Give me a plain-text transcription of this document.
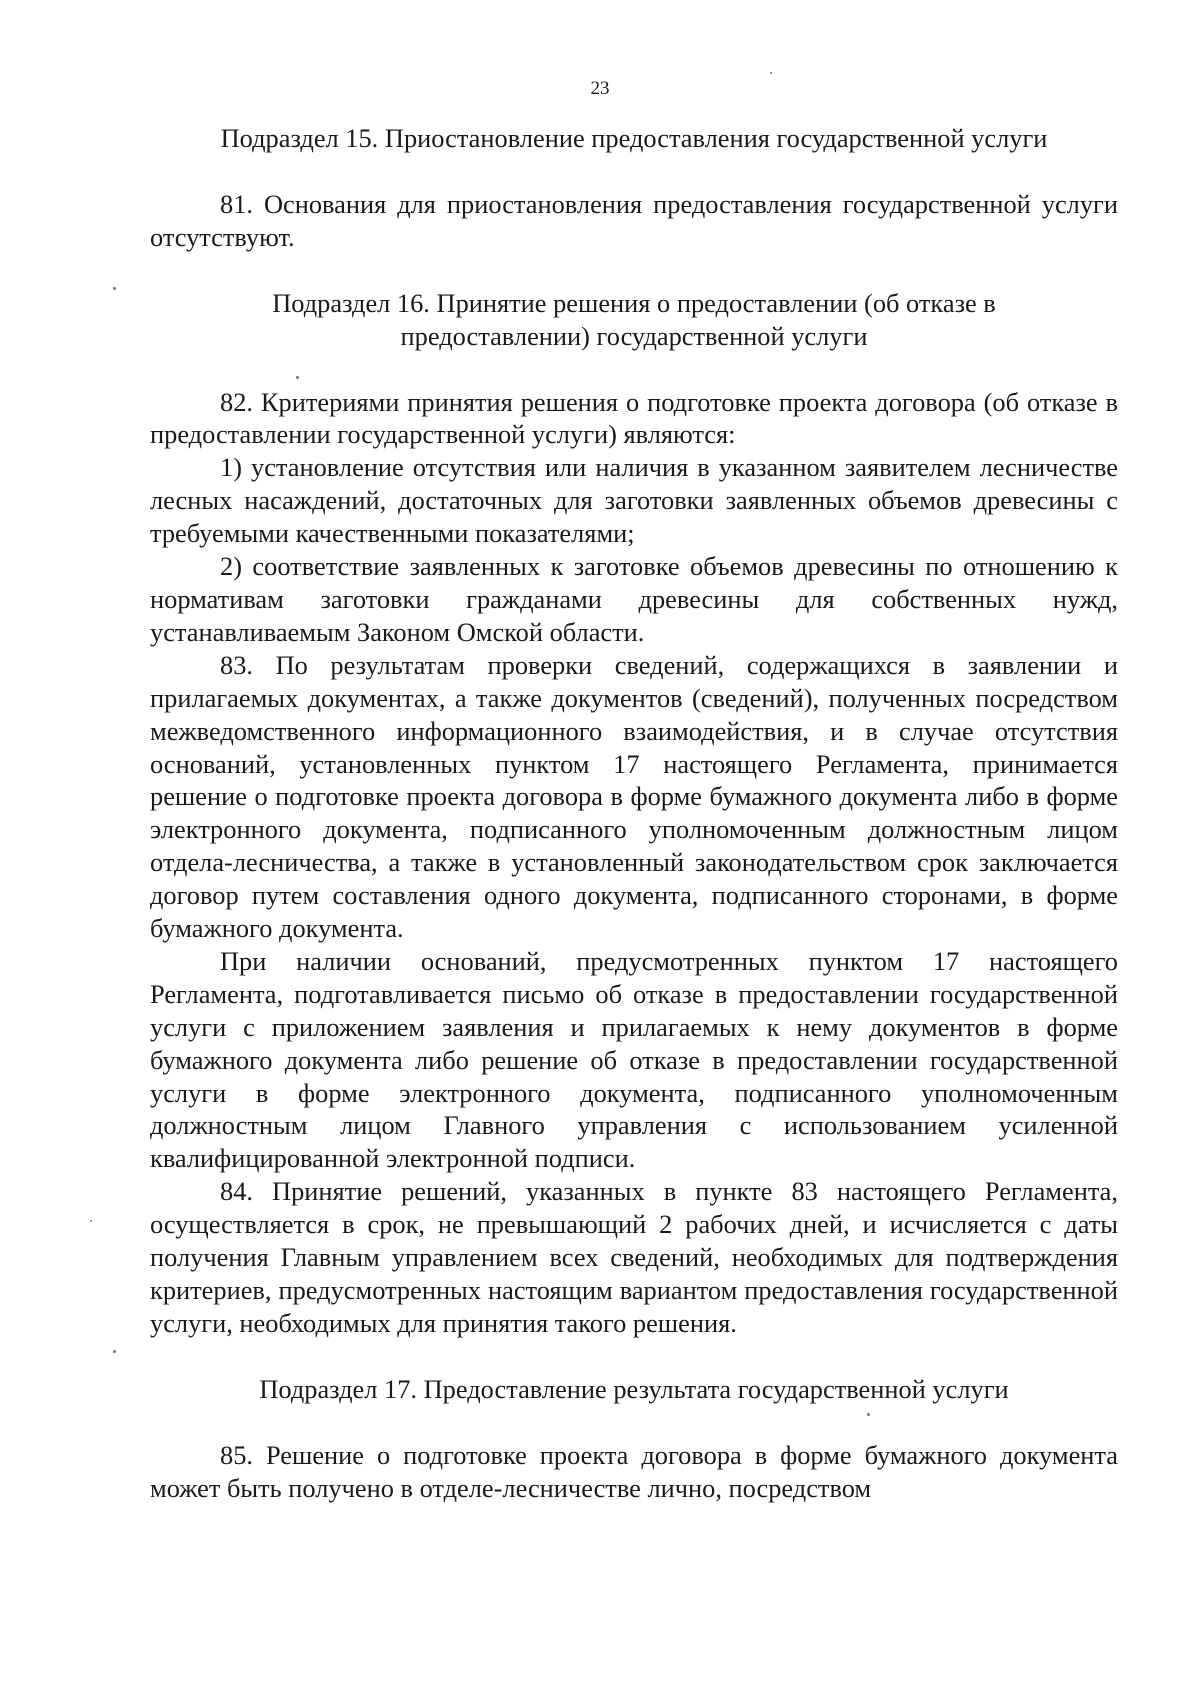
23
Подраздел 15. Приостановление предоставления государственной услуги

81. Основания для приостановления предоставления государственной услуги отсутствуют.

Подраздел 16. Принятие решения о предоставлении (об отказе в предоставлении) государственной услуги

82. Критериями принятия решения о подготовке проекта договора (об отказе в предоставлении государственной услуги) являются:

1) установление отсутствия или наличия в указанном заявителем лесничестве лесных насаждений, достаточных для заготовки заявленных объемов древесины с требуемыми качественными показателями;

2) соответствие заявленных к заготовке объемов древесины по отношению к нормативам заготовки гражданами древесины для собственных нужд, устанавливаемым Законом Омской области.

83. По результатам проверки сведений, содержащихся в заявлении и прилагаемых документах, а также документов (сведений), полученных посредством межведомственного информационного взаимодействия, и в случае отсутствия оснований, установленных пунктом 17 настоящего Регламента, принимается решение о подготовке проекта договора в форме бумажного документа либо в форме электронного документа, подписанного уполномоченным должностным лицом отдела-лесничества, а также в установленный законодательством срок заключается договор путем составления одного документа, подписанного сторонами, в форме бумажного документа.

При наличии оснований, предусмотренных пунктом 17 настоящего Регламента, подготавливается письмо об отказе в предоставлении государственной услуги с приложением заявления и прилагаемых к нему документов в форме бумажного документа либо решение об отказе в предоставлении государственной услуги в форме электронного документа, подписанного уполномоченным должностным лицом Главного управления с использованием усиленной квалифицированной электронной подписи.

84. Принятие решений, указанных в пункте 83 настоящего Регламента, осуществляется в срок, не превышающий 2 рабочих дней, и исчисляется с даты получения Главным управлением всех сведений, необходимых для подтверждения критериев, предусмотренных настоящим вариантом предоставления государственной услуги, необходимых для принятия такого решения.

Подраздел 17. Предоставление результата государственной услуги

85. Решение о подготовке проекта договора в форме бумажного документа может быть получено в отделе-лесничестве лично, посредством
